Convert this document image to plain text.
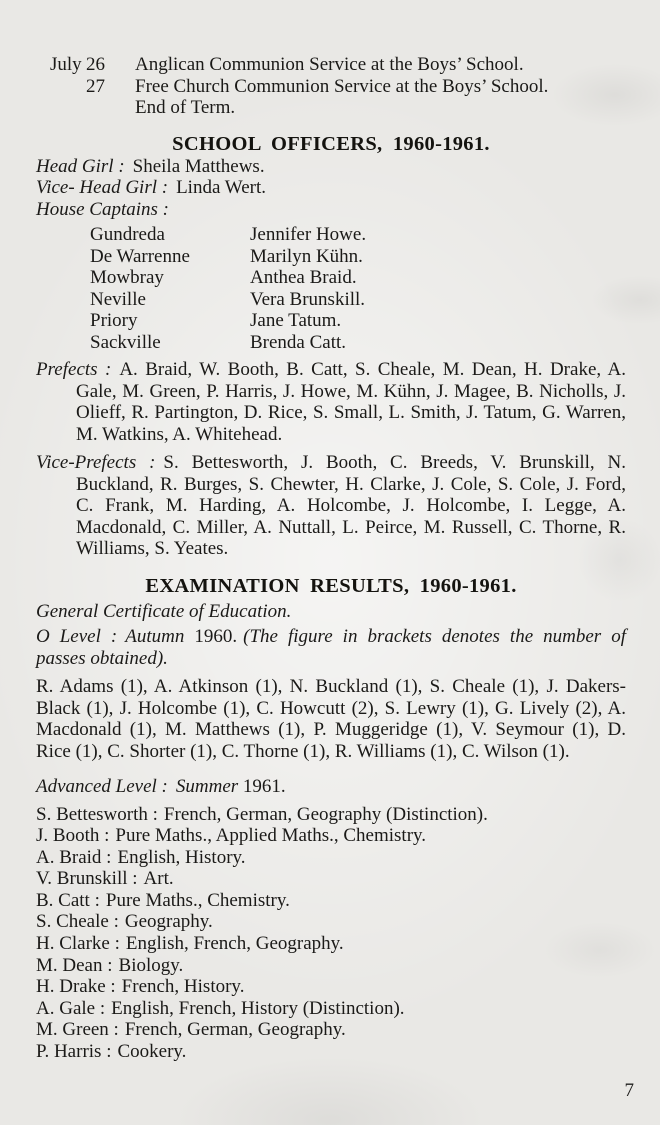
July 26	Anglican Communion Service at the Boys’ School.
27	Free Church Communion Service at the Boys’ School.
End of Term.
SCHOOL OFFICERS, 1960-1961.
Head Girl : Sheila Matthews.
Vice- Head Girl : Linda Wert.
House Captains :
Gundreda	Jennifer Howe.
De Warrenne	Marilyn Kühn.
Mowbray	Anthea Braid.
Neville	Vera Brunskill.
Priory	Jane Tatum.
Sackville	Brenda Catt.
Prefects : A. Braid, W. Booth, B. Catt, S. Cheale, M. Dean, H. Drake, A. Gale, M. Green, P. Harris, J. Howe, M. Kühn, J. Magee, B. Nicholls, J. Olieff, R. Partington, D. Rice, S. Small, L. Smith, J. Tatum, G. Warren, M. Watkins, A. Whitehead.
Vice-Prefects : S. Bettesworth, J. Booth, C. Breeds, V. Brunskill, N. Buckland, R. Burges, S. Chewter, H. Clarke, J. Cole, S. Cole, J. Ford, C. Frank, M. Harding, A. Holcombe, J. Holcombe, I. Legge, A. Macdonald, C. Miller, A. Nuttall, L. Peirce, M. Russell, C. Thorne, R. Williams, S. Yeates.
EXAMINATION RESULTS, 1960-1961.
General Certificate of Education.
O Level : Autumn 1960. (The figure in brackets denotes the number of passes obtained).
R. Adams (1), A. Atkinson (1), N. Buckland (1), S. Cheale (1), J. Dakers-Black (1), J. Holcombe (1), C. Howcutt (2), S. Lewry (1), G. Lively (2), A. Macdonald (1), M. Matthews (1), P. Muggeridge (1), V. Seymour (1), D. Rice (1), C. Shorter (1), C. Thorne (1), R. Williams (1), C. Wilson (1).
Advanced Level : Summer 1961.
S. Bettesworth : French, German, Geography (Distinction).
J. Booth : Pure Maths., Applied Maths., Chemistry.
A. Braid : English, History.
V. Brunskill : Art.
B. Catt : Pure Maths., Chemistry.
S. Cheale : Geography.
H. Clarke : English, French, Geography.
M. Dean : Biology.
H. Drake : French, History.
A. Gale : English, French, History (Distinction).
M. Green : French, German, Geography.
P. Harris : Cookery.
7
